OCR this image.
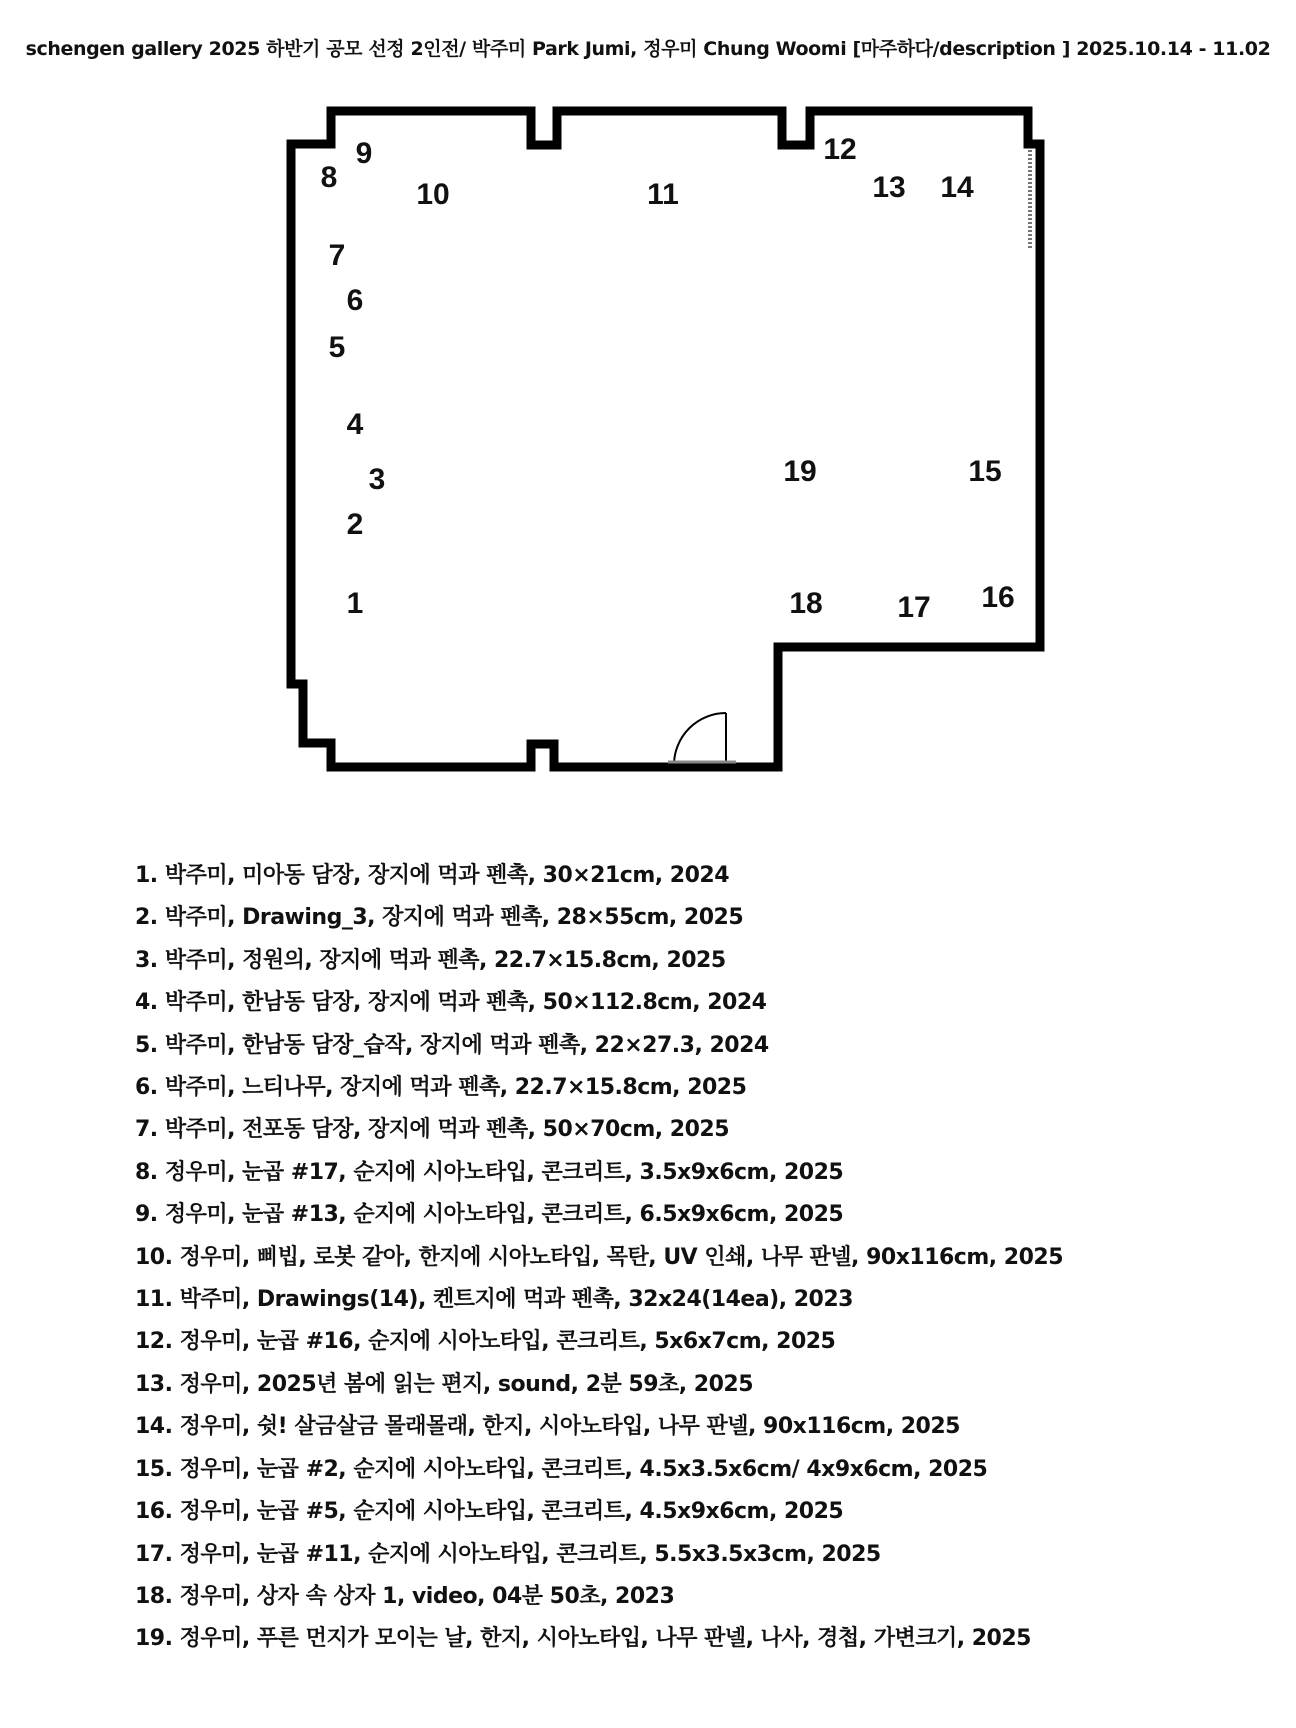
schengen gallery 2025 하반기 공모 선정 2인전/ 박주미 Park Jumi, 정우미 Chung Woomi [마주하다/description ] 2025.10.14 - 11.02
1
2
3
4
5
6
7
8
9
10	11
12
13 14
15
16
17
18
19
1. 박주미, 미아동 담장, 장지에 먹과 펜촉, 30×21cm, 2024
2. 박주미, Drawing_3, 장지에 먹과 펜촉, 28×55cm, 2025
3. 박주미, 정원의, 장지에 먹과 펜촉, 22.7×15.8cm, 2025
4. 박주미, 한남동 담장, 장지에 먹과 펜촉, 50×112.8cm, 2024
5. 박주미, 한남동 담장_습작, 장지에 먹과 펜촉, 22×27.3, 2024
6. 박주미, 느티나무, 장지에 먹과 펜촉, 22.7×15.8cm, 2025
7. 박주미, 전포동 담장, 장지에 먹과 펜촉, 50×70cm, 2025
8. 정우미, 눈곱 #17, 순지에 시아노타입, 콘크리트, 3.5x9x6cm, 2025
9. 정우미, 눈곱 #13, 순지에 시아노타입, 콘크리트, 6.5x9x6cm, 2025
10. 정우미, 삐빕, 로봇 같아, 한지에 시아노타입, 목탄, UV 인쇄, 나무 판넬, 90x116cm, 2025
11. 박주미, Drawings(14), 켄트지에 먹과 펜촉, 32x24(14ea), 2023
12. 정우미, 눈곱 #16, 순지에 시아노타입, 콘크리트, 5x6x7cm, 2025
13. 정우미, 2025년 봄에 읽는 편지, sound, 2분 59초, 2025
14. 정우미, 쉿! 살금살금 몰래몰래, 한지, 시아노타입, 나무 판넬, 90x116cm, 2025
15. 정우미, 눈곱 #2, 순지에 시아노타입, 콘크리트, 4.5x3.5x6cm/ 4x9x6cm, 2025
16. 정우미, 눈곱 #5, 순지에 시아노타입, 콘크리트, 4.5x9x6cm, 2025
17. 정우미, 눈곱 #11, 순지에 시아노타입, 콘크리트, 5.5x3.5x3cm, 2025
18. 정우미, 상자 속 상자 1, video, 04분 50초, 2023
19. 정우미, 푸른 먼지가 모이는 날, 한지, 시아노타입, 나무 판넬, 나사, 경첩, 가변크기, 2025
